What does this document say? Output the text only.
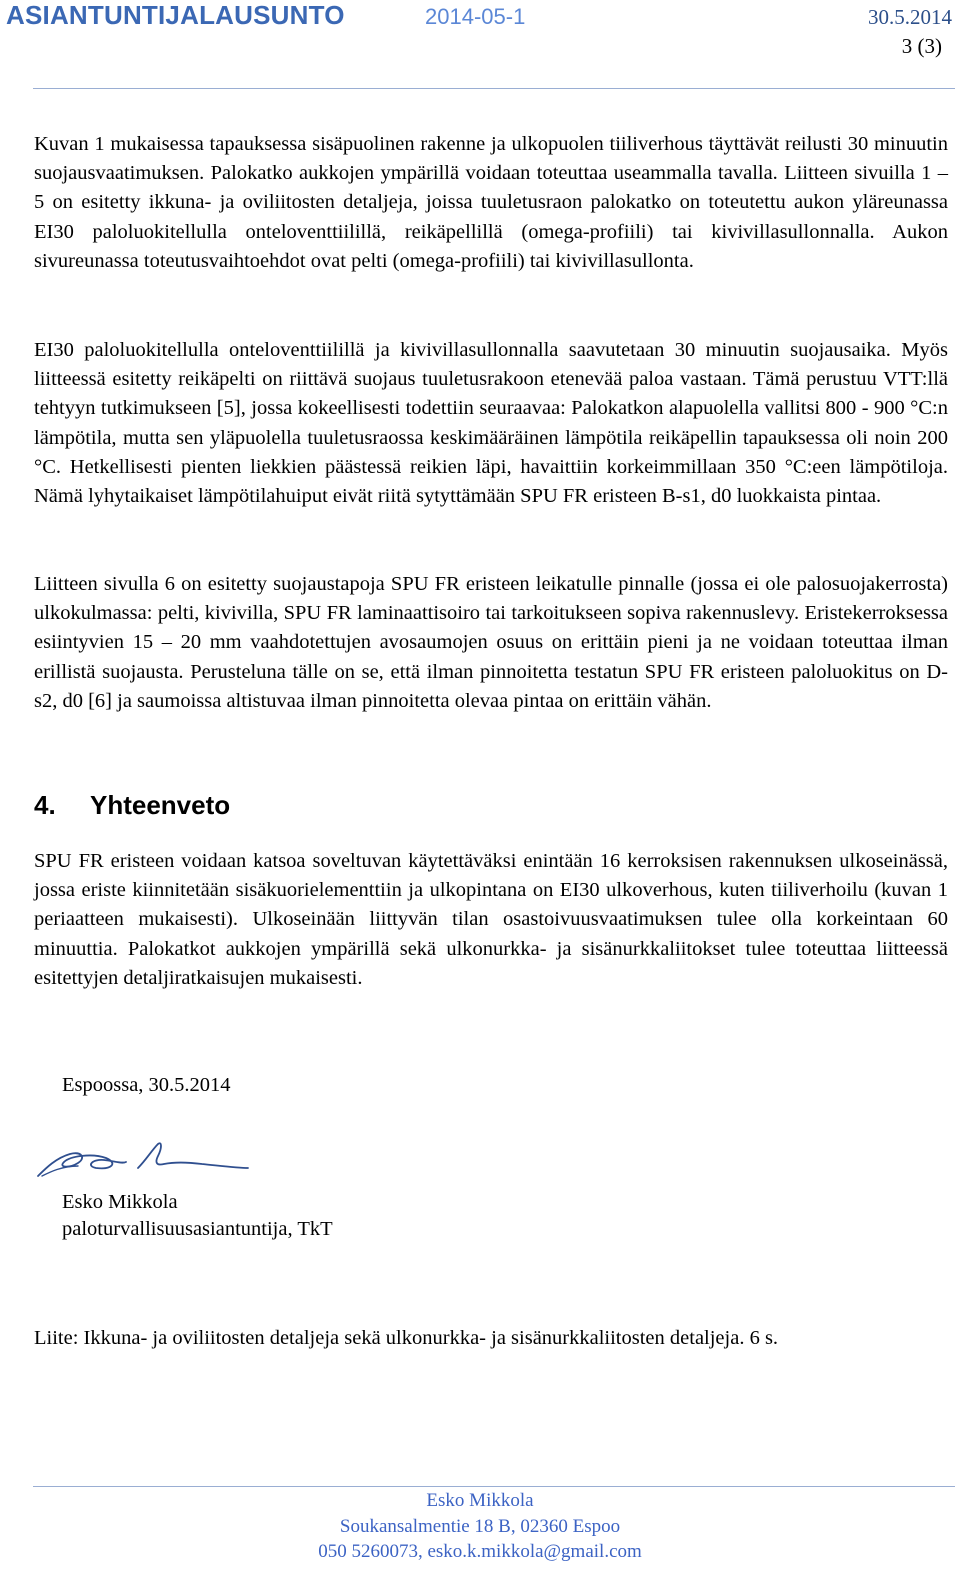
ASIANTUNTIJALAUSUNTO	2014-05-1	30.5.2014
3 (3)

Kuvan 1 mukaisessa tapauksessa sisäpuolinen rakenne ja ulkopuolen tiiliverhous täyttävät reilusti 30 minuutin suojausvaatimuksen. Palokatko aukkojen ympärillä voidaan toteuttaa useammalla tavalla. Liitteen sivuilla 1 – 5 on esitetty ikkuna- ja oviliitosten detaljeja, joissa tuuletusraon palokatko on toteutettu aukon yläreunassa EI30 paloluokitellulla onteloventtiilillä, reikäpellillä (omega-profiili) tai kivivillasullonnalla. Aukon sivureunassa toteutusvaihtoehdot ovat pelti (omega-profiili) tai kivivillasullonta.

EI30 paloluokitellulla onteloventtiilillä ja kivivillasullonnalla saavutetaan 30 minuutin suojausaika. Myös liitteessä esitetty reikäpelti on riittävä suojaus tuuletusrakoon etenevää paloa vastaan. Tämä perustuu VTT:llä tehtyyn tutkimukseen [5], jossa kokeellisesti todettiin seuraavaa: Palokatkon alapuolella vallitsi 800 - 900 °C:n lämpötila, mutta sen yläpuolella tuuletusraossa keskimääräinen lämpötila reikäpellin tapauksessa oli noin 200 °C. Hetkellisesti pienten liekkien päästessä reikien läpi, havaittiin korkeimmillaan 350 °C:een lämpötiloja. Nämä lyhytaikaiset lämpötilahuiput eivät riitä sytyttämään SPU FR eristeen B-s1, d0 luokkaista pintaa.

Liitteen sivulla 6 on esitetty suojaustapoja SPU FR eristeen leikatulle pinnalle (jossa ei ole palosuojakerrosta) ulkokulmassa: pelti, kivivilla, SPU FR laminaattisoiro tai tarkoitukseen sopiva rakennuslevy. Eristekerroksessa esiintyvien 15 – 20 mm vaahdotettujen avosaumojen osuus on erittäin pieni ja ne voidaan toteuttaa ilman erillistä suojausta. Perusteluna tälle on se, että ilman pinnoitetta testatun SPU FR eristeen paloluokitus on D-s2, d0 [6] ja saumoissa altistuvaa ilman pinnoitetta olevaa pintaa on erittäin vähän.

4. Yhteenveto

SPU FR eristeen voidaan katsoa soveltuvan käytettäväksi enintään 16 kerroksisen rakennuksen ulkoseinässä, jossa eriste kiinnitetään sisäkuorielementtiin ja ulkopintana on EI30 ulkoverhous, kuten tiiliverhoilu (kuvan 1 periaatteen mukaisesti). Ulkoseinään liittyvän tilan osastoivuusvaatimuksen tulee olla korkeintaan 60 minuuttia. Palokatkot aukkojen ympärillä sekä ulkonurkka- ja sisänurkkaliitokset tulee toteuttaa liitteessä esitettyjen detaljiratkaisujen mukaisesti.

Espoossa, 30.5.2014

Esko Mikkola

paloturvallisuusasiantuntija, TkT

Liite: Ikkuna- ja oviliitosten detaljeja sekä ulkonurkka- ja sisänurkkaliitosten detaljeja. 6 s.

Esko Mikkola
Soukansalmentie 18 B, 02360 Espoo
050 5260073, esko.k.mikkola@gmail.com
